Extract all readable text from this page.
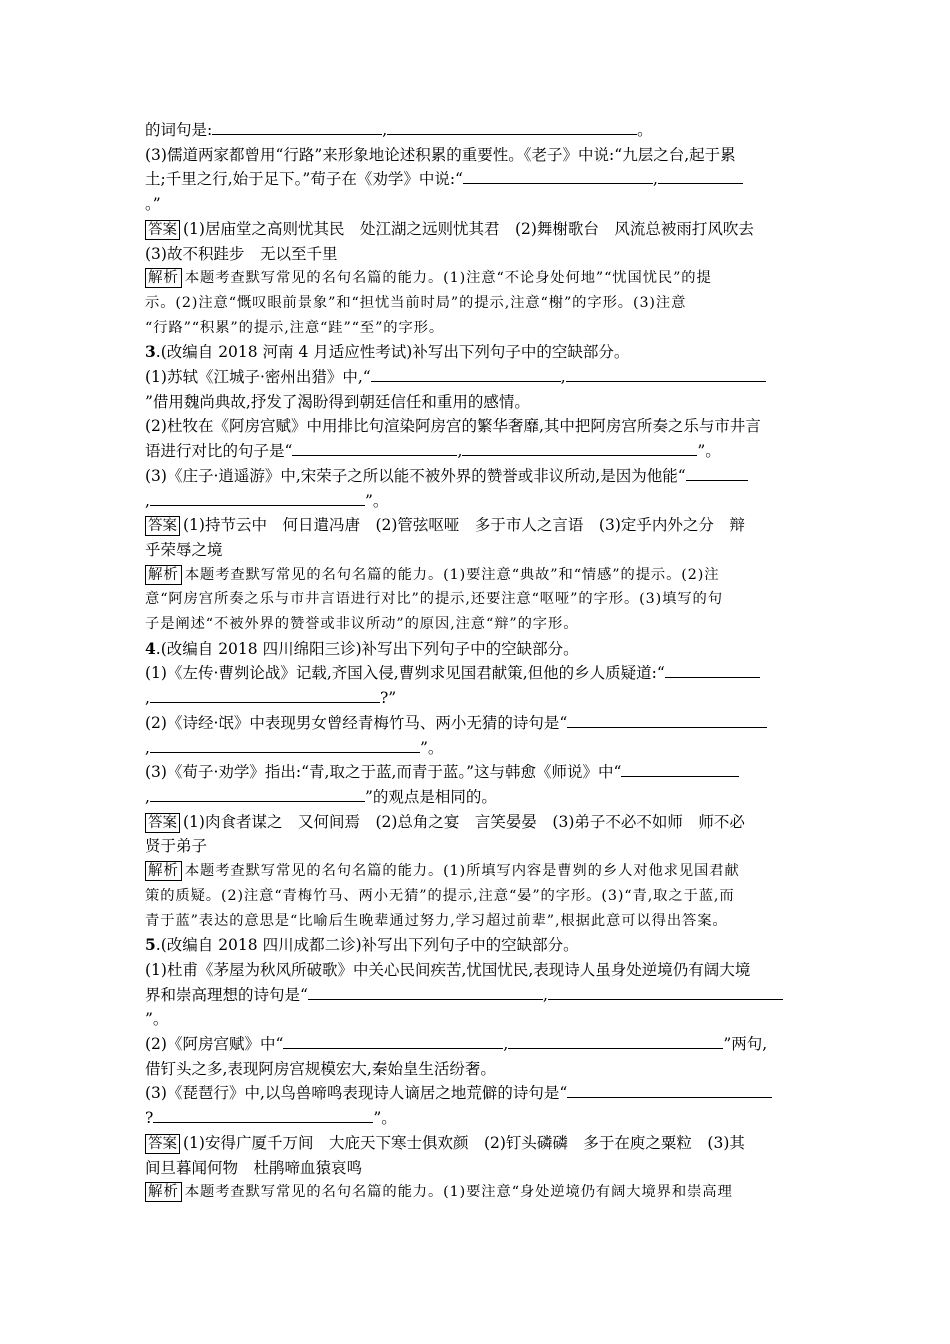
的词句是:	,	。
(3)儒道两家都曾用“行路”来形象地论述积累的重要性。《老子》中说:“九层之台,起于累
土;千里之行,始于足下。”荀子在《劝学》中说:“	,
。”
答案 (1)居庙堂之高则忧其民　处江湖之远则忧其君　(2)舞榭歌台　风流总被雨打风吹去
(3)故不积跬步　无以至千里
解析 本题考查默写常见的名句名篇的能力。(1)注意“不论身处何地”“忧国忧民”的提
示。(2)注意“慨叹眼前景象”和“担忧当前时局”的提示,注意“榭”的字形。(3)注意
“行路”“积累”的提示,注意“跬”“至”的字形。
3.(改编自 2018 河南 4 月适应性考试)补写出下列句子中的空缺部分。
(1)苏轼《江城子·密州出猎》中,“	,
”借用魏尚典故,抒发了渴盼得到朝廷信任和重用的感情。
(2)杜牧在《阿房宫赋》中用排比句渲染阿房宫的繁华奢靡,其中把阿房宫所奏之乐与市井言
语进行对比的句子是“	,	”。
(3)《庄子·逍遥游》中,宋荣子之所以能不被外界的赞誉或非议所动,是因为他能“
,	”。
答案 (1)持节云中　何日遣冯唐　(2)管弦呕哑　多于市人之言语　(3)定乎内外之分　辩
乎荣辱之境
解析 本题考查默写常见的名句名篇的能力。(1)要注意“典故”和“情感”的提示。(2)注
意“阿房宫所奏之乐与市井言语进行对比”的提示,还要注意“呕哑”的字形。(3)填写的句
子是阐述“不被外界的赞誉或非议所动”的原因,注意“辩”的字形。
4.(改编自 2018 四川绵阳三诊)补写出下列句子中的空缺部分。
(1)《左传·曹刿论战》记载,齐国入侵,曹刿求见国君献策,但他的乡人质疑道:“
,	?”
(2)《诗经·氓》中表现男女曾经青梅竹马、两小无猜的诗句是“
,	”。
(3)《荀子·劝学》指出:“青,取之于蓝,而青于蓝。”这与韩愈《师说》中“
,	”的观点是相同的。
答案 (1)肉食者谋之　又何间焉　(2)总角之宴　言笑晏晏　(3)弟子不必不如师　师不必
贤于弟子
解析 本题考查默写常见的名句名篇的能力。(1)所填写内容是曹刿的乡人对他求见国君献
策的质疑。(2)注意“青梅竹马、两小无猜”的提示,注意“晏”的字形。(3)“青,取之于蓝,而
青于蓝”表达的意思是“比喻后生晚辈通过努力,学习超过前辈”,根据此意可以得出答案。
5.(改编自 2018 四川成都二诊)补写出下列句子中的空缺部分。
(1)杜甫《茅屋为秋风所破歌》中关心民间疾苦,忧国忧民,表现诗人虽身处逆境仍有阔大境
界和崇高理想的诗句是“	,
”。
(2)《阿房宫赋》中“	,	”两句,
借钉头之多,表现阿房宫规模宏大,秦始皇生活纷奢。
(3)《琵琶行》中,以鸟兽啼鸣表现诗人谪居之地荒僻的诗句是“
?	”。
答案 (1)安得广厦千万间　大庇天下寒士俱欢颜　(2)钉头磷磷　多于在庾之粟粒　(3)其
间旦暮闻何物　杜鹃啼血猿哀鸣
解析 本题考查默写常见的名句名篇的能力。(1)要注意“身处逆境仍有阔大境界和崇高理
